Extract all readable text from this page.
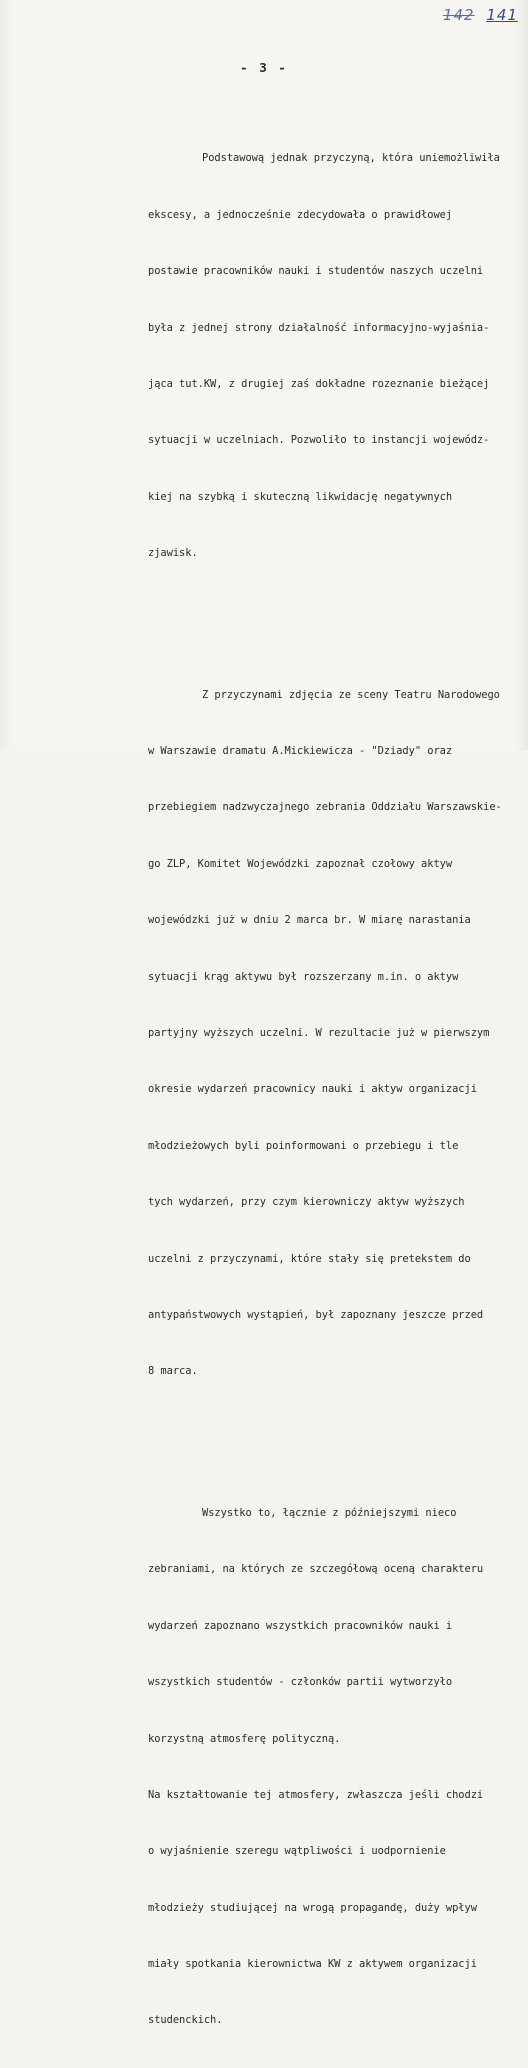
142 141
- 3 -

Podstawową jednak przyczyną, która uniemożliwiła

ekscesy, a jednocześnie zdecydowała o prawidłowej

postawie pracowników nauki i studentów naszych uczelni

była z jednej strony działalność informacyjno-wyjaśnia-

jąca tut.KW, z drugiej zaś dokładne rozeznanie bieżącej

sytuacji w uczelniach. Pozwoliło to instancji wojewódz-

kiej na szybką i skuteczną likwidację negatywnych

zjawisk.

Z przyczynami zdjęcia ze sceny Teatru Narodowego

w Warszawie dramatu A.Mickiewicza - "Dziady" oraz

przebiegiem nadzwyczajnego zebrania Oddziału Warszawskie-

go ZLP, Komitet Wojewódzki zapoznał czołowy aktyw

wojewódzki już w dniu 2 marca br. W miarę narastania

sytuacji krąg aktywu był rozszerzany m.in. o aktyw

partyjny wyższych uczelni. W rezultacie już w pierwszym

okresie wydarzeń pracownicy nauki i aktyw organizacji

młodzieżowych byli poinformowani o przebiegu i tle

tych wydarzeń, przy czym kierowniczy aktyw wyższych

uczelni z przyczynami, które stały się pretekstem do

antypaństwowych wystąpień, był zapoznany jeszcze przed

8 marca.

Wszystko to, łącznie z późniejszymi nieco

zebraniami, na których ze szczegółową oceną charakteru

wydarzeń zapoznano wszystkich pracowników nauki i

wszystkich studentów - członków partii wytworzyło

korzystną atmosferę polityczną.

Na kształtowanie tej atmosfery, zwłaszcza jeśli chodzi

o wyjaśnienie szeregu wątpliwości i uodpornienie

młodzieży studiującej na wrogą propagandę, duży wpływ

miały spotkania kierownictwa KW z aktywem organizacji

studenckich.
